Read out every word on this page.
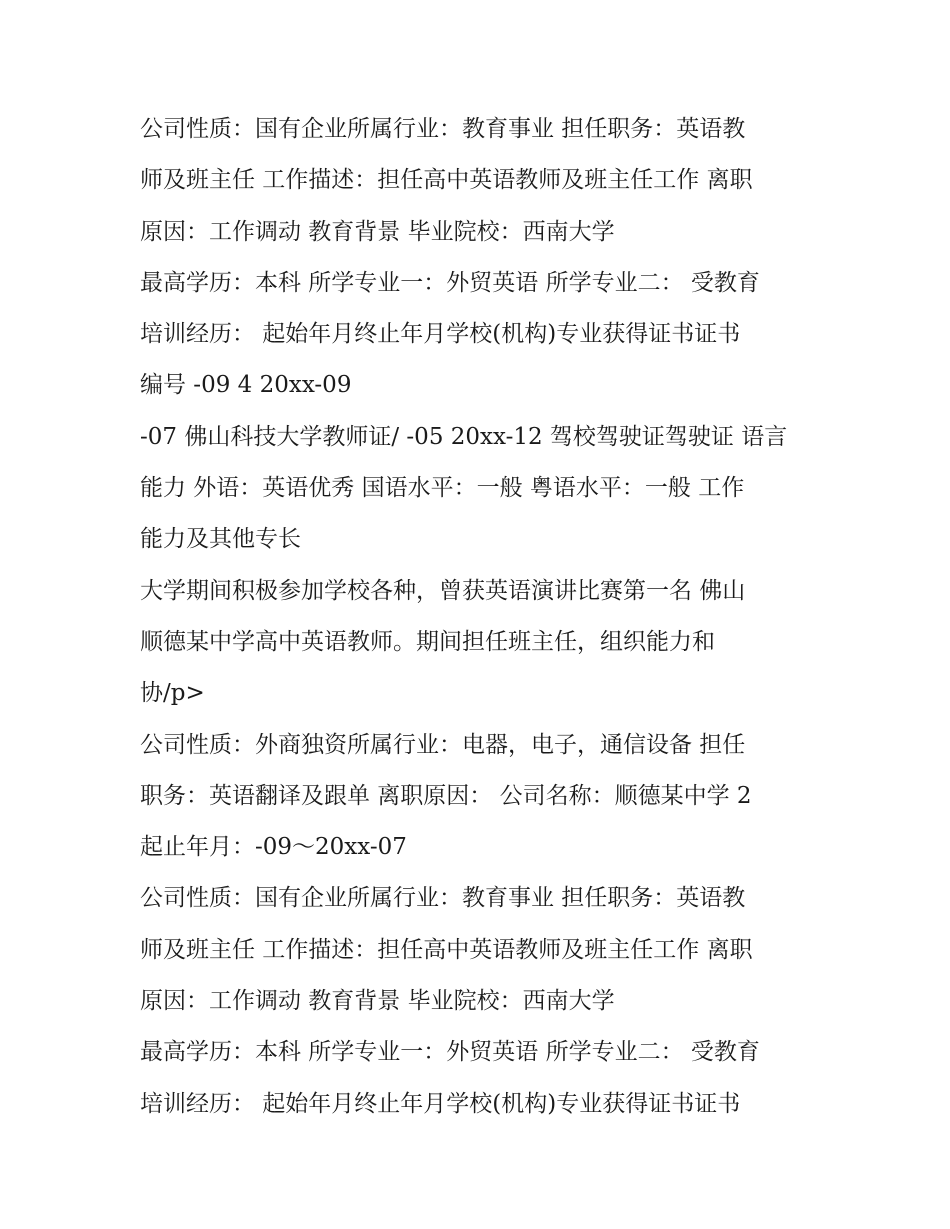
公司性质：国有企业所属行业：教育事业 担任职务：英语教
师及班主任 工作描述：担任高中英语教师及班主任工作 离职
原因：工作调动 教育背景 毕业院校：西南大学
最高学历：本科 所学专业一：外贸英语 所学专业二： 受教育
培训经历： 起始年月终止年月学校(机构)专业获得证书证书
编号 -09 4 20xx-09
-07 佛山科技大学教师证/ -05 20xx-12 驾校驾驶证驾驶证 语言
能力 外语：英语优秀 国语水平：一般 粤语水平：一般 工作
能力及其他专长
大学期间积极参加学校各种，曾获英语演讲比赛第一名 佛山
顺德某中学高中英语教师。期间担任班主任，组织能力和
协/p>
公司性质：外商独资所属行业：电器，电子，通信设备 担任
职务：英语翻译及跟单 离职原因： 公司名称：顺德某中学 2
起止年月：-09～20xx-07
公司性质：国有企业所属行业：教育事业 担任职务：英语教
师及班主任 工作描述：担任高中英语教师及班主任工作 离职
原因：工作调动 教育背景 毕业院校：西南大学
最高学历：本科 所学专业一：外贸英语 所学专业二： 受教育
培训经历： 起始年月终止年月学校(机构)专业获得证书证书
